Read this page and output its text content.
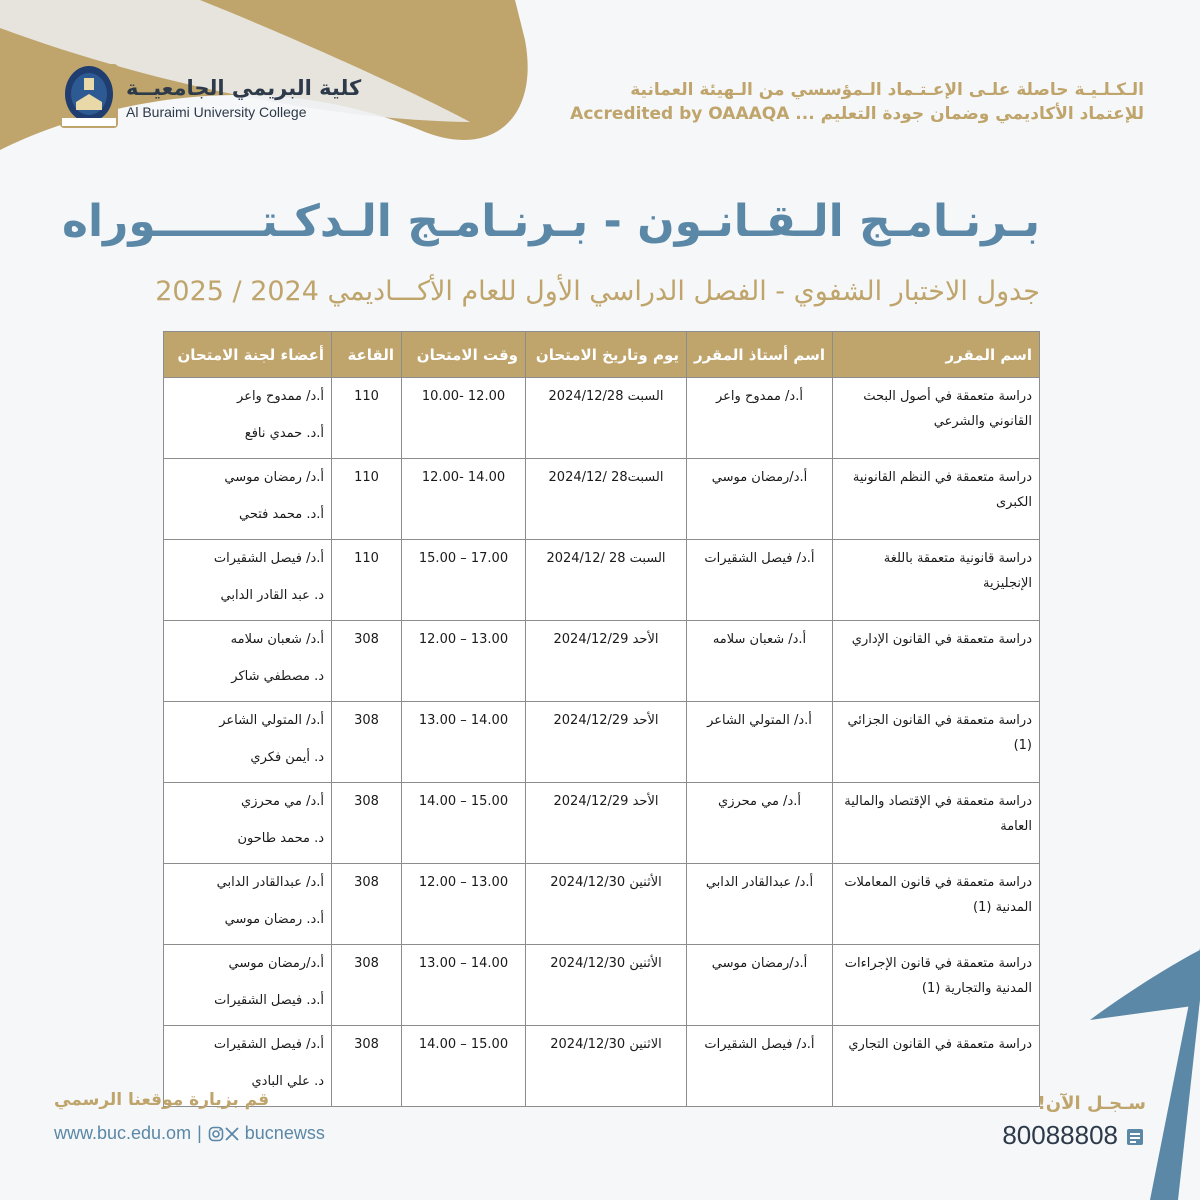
كلية البريمي الجامعيــة
Al Buraimi University College
الـكـلـيـة حاصلة علـى الإعـتـماد الـمؤسسي من الـهيئة العمانية
للإعتماد الأكاديمي وضمان جودة التعليم ... Accredited by OAAAQA
بـرنـامـج الـقـانـون - بـرنـامـج الـدكـتـــــــوراه
جدول الاختبار الشفوي - الفصل الدراسي الأول للعام الأكـــاديمي 2024 / 2025
اسم المقرر	اسم أستاذ المقرر	يوم وتاريخ الامتحان	وقت الامتحان	القاعة	أعضاء لجنة الامتحان
دراسة متعمقة في أصول البحث القانوني والشرعي	أ.د/ ممدوح واعر	السبت 2024/12/28	12.00 -10.00	110	أ.د/ ممدوح واعر
أ.د. حمدي نافع

دراسة متعمقة في النظم القانونية الكبرى	أ.د/رمضان موسي	السبت28 /2024/12	14.00 -12.00	110	أ.د/ رمضان موسي
أ.د. محمد فتحي

دراسة قانونية متعمقة باللغة الإنجليزية	أ.د/ فيصل الشقيرات	السبت 28 /2024/12	17.00 – 15.00	110	أ.د/ فيصل الشقيرات
د. عبد القادر الدابي

دراسة متعمقة في القانون الإداري	أ.د/ شعبان سلامه	الأحد 2024/12/29	13.00 – 12.00	308	أ.د/ شعبان سلامه
د. مصطفي شاكر

دراسة متعمقة في القانون الجزائي (1)	أ.د/ المتولي الشاعر	الأحد 2024/12/29	14.00 – 13.00	308	أ.د/ المتولي الشاعر
د. أيمن فكري

دراسة متعمقة في الإقتصاد والمالية العامة	أ.د/ مي محرزي	الأحد 2024/12/29	15.00 – 14.00	308	أ.د/ مي محرزي
د. محمد طاحون

دراسة متعمقة في قانون المعاملات المدنية (1)	أ.د/ عبدالقادر الدابي	الأثنين 2024/12/30	13.00 – 12.00	308	أ.د/ عبدالقادر الدابي
أ.د. رمضان موسي

دراسة متعمقة في قانون الإجراءات المدنية والتجارية (1)	أ.د/رمضان موسي	الأثنين 2024/12/30	14.00 – 13.00	308	أ.د/رمضان موسي
أ.د. فيصل الشقيرات

دراسة متعمقة في القانون التجاري	أ.د/ فيصل الشقيرات	الاثنين 2024/12/30	15.00 – 14.00	308	أ.د/ فيصل الشقيرات
د. علي البادي
قم بزيارة موقعنا الرسمي
www.buc.edu.om | bucnewss
سـجـل الآن!
80088808
